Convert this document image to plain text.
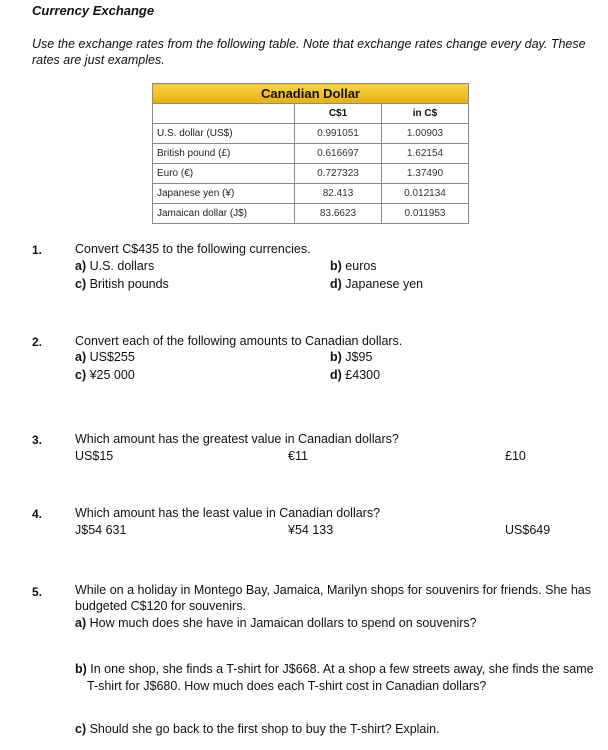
Currency Exchange
Use the exchange rates from the following table. Note that exchange rates change every day. These rates are just examples.
Canadian Dollar		
	C$1	in C$
U.S. dollar (US$)	0.991051	1.00903
British pound (£)	0.616697	1.62154
Euro (€)	0.727323	1.37490
Japanese yen (¥)	82.413	0.012134
Jamaican dollar (J$)	83.6623	0.011953
1.	Convert C$435 to the following currencies.
a) U.S. dollars	b) euros
c) British pounds	d) Japanese yen
2.	Convert each of the following amounts to Canadian dollars.
a) US$255	b) J$95
c) ¥25 000	d) £4300
3.	Which amount has the greatest value in Canadian dollars?
US$15	€11	£10
4.	Which amount has the least value in Canadian dollars?
J$54 631	¥54 133	US$649
5.	While on a holiday in Montego Bay, Jamaica, Marilyn shops for souvenirs for friends. She has budgeted C$120 for souvenirs.
a) How much does she have in Jamaican dollars to spend on souvenirs?
b) In one shop, she finds a T-shirt for J$668. At a shop a few streets away, she finds the same T-shirt for J$680. How much does each T-shirt cost in Canadian dollars?
c) Should she go back to the first shop to buy the T-shirt? Explain.
